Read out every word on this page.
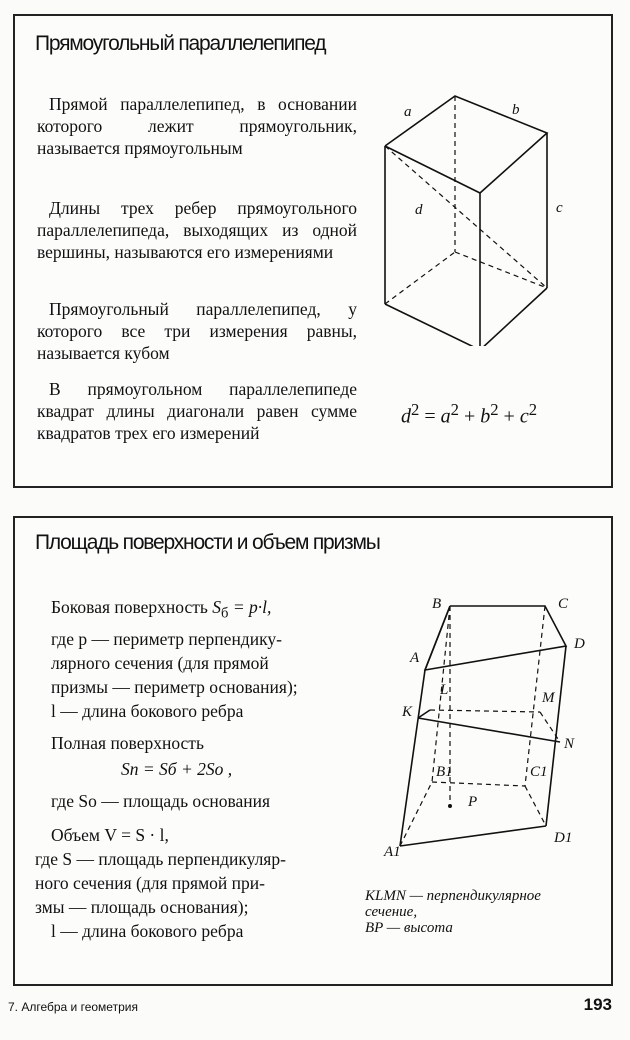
Прямоугольный параллелепипед
Прямой параллелепипед, в основании которого лежит прямоугольник, называется прямоугольным
Длины трех ребер прямоугольного параллелепипеда, выходящих из одной вершины, называются его измерениями
Прямоугольный параллелепипед, у которого все три измерения равны, называется кубом
В прямоугольном параллелепипеде квадрат длины диагонали равен сумме квадратов трех его измерений
a	b
c
d
$d^2 = a^2 + b^2 + c^2$
Площадь поверхности и объем призмы
Боковая поверхность $S_б = p\cdot l$,
где p — периметр перпендику-
лярного сечения (для прямой
призмы — периметр основания);
l — длина бокового ребра
Полная поверхность
Sп = Sб + 2Sо ,
где Sо — площадь основания
Объем V = S · l,
где S — площадь перпендикуляр-
ного сечения (для прямой при-
змы — площадь основания);
l — длина бокового ребра
B	C
D
A
L	M
K
N
B1	C1
P
A1
D1
KLMN — перпендикулярное
сечение,
BP — высота
7. Алгебра и геометрия	193
